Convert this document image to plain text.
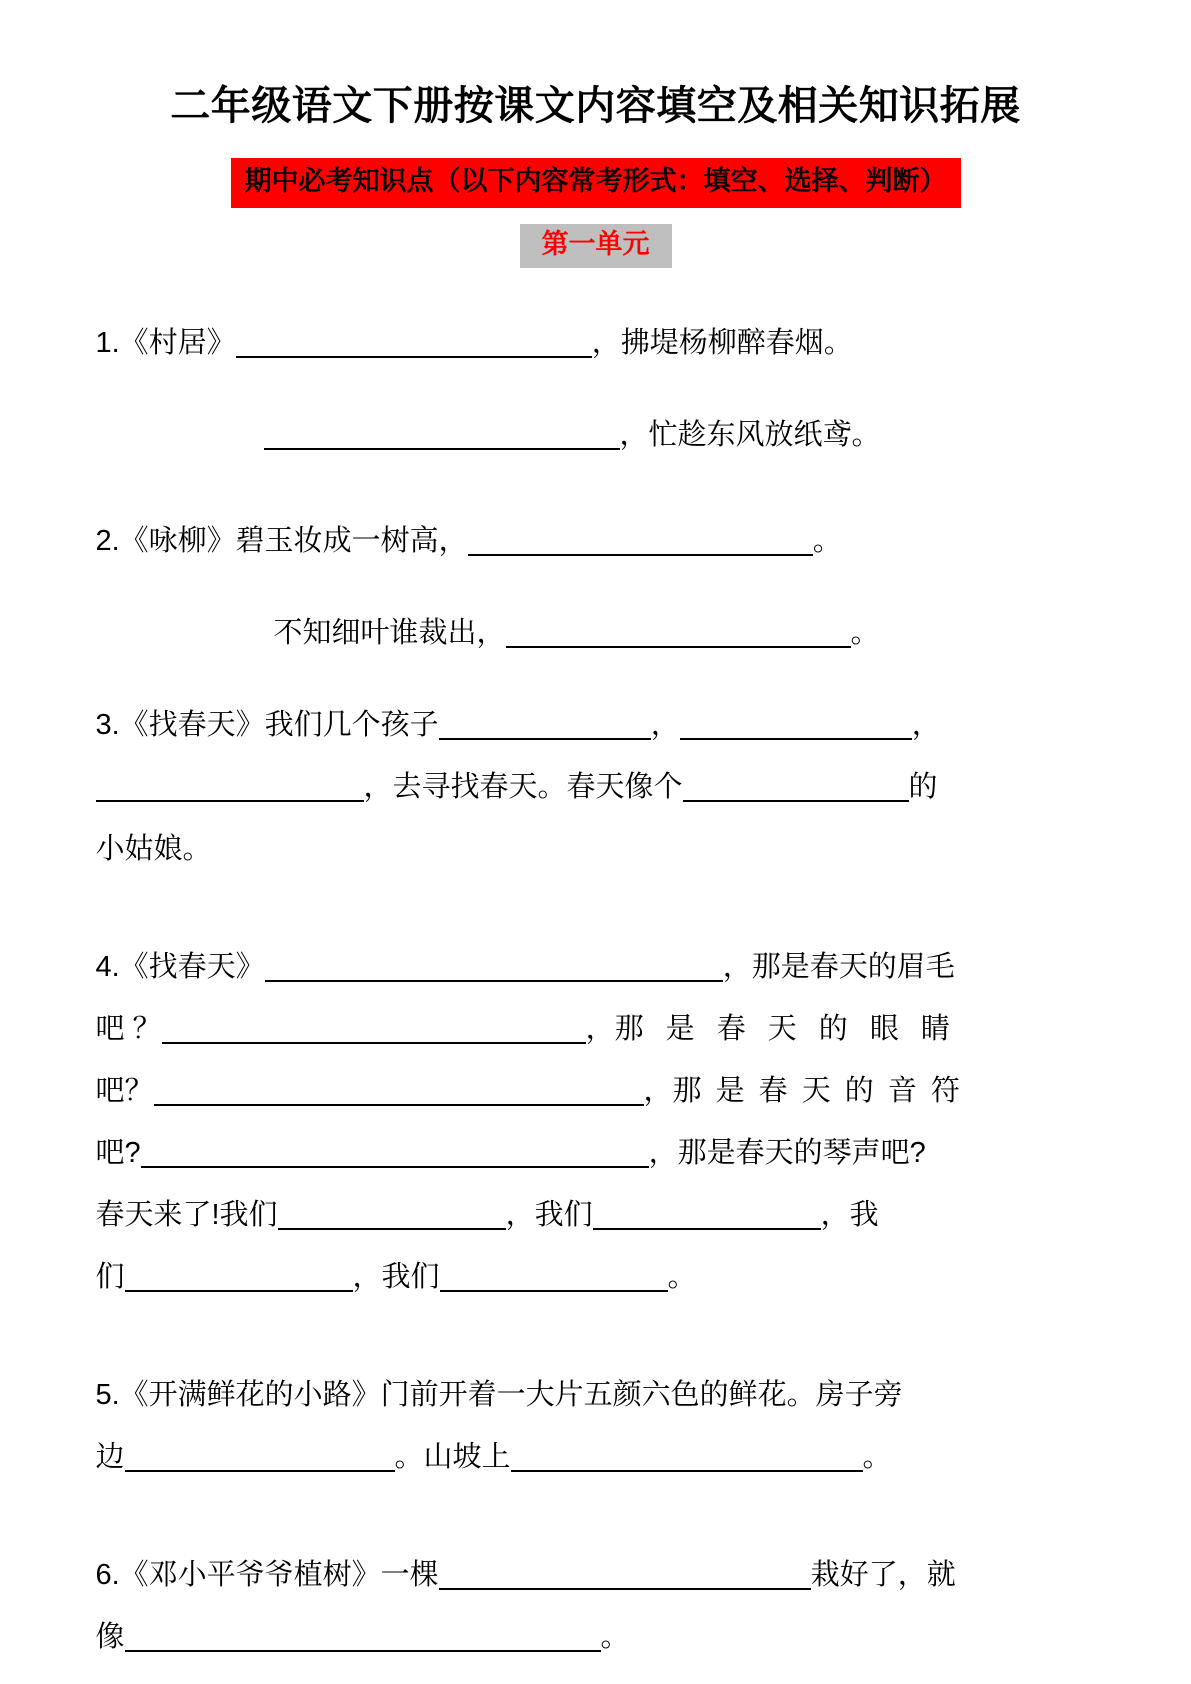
二年级语文下册按课文内容填空及相关知识拓展
期中必考知识点（以下内容常考形式：填空、选择、判断）
第一单元
1.《村居》	，拂堤杨柳醉春烟。
，忙趁东风放纸鸢。
2.《咏柳》碧玉妆成一树高，	。
不知细叶谁裁出，	。
3.《找春天》我们几个孩子	，	，
，去寻找春天。春天像个	的
小姑娘。
4.《找春天》	，那是春天的眉毛
吧 ？	，那 是 春 天 的 眼 睛
吧？	，那 是 春 天 的 音 符
吧?	，那是春天的琴声吧?
春天来了!我们	，我们	，我
们	，我们	。
5.《开满鲜花的小路》门前开着一大片五颜六色的鲜花。房子旁
边	。山坡上	。
6.《邓小平爷爷植树》一棵	栽好了，就
像	。
